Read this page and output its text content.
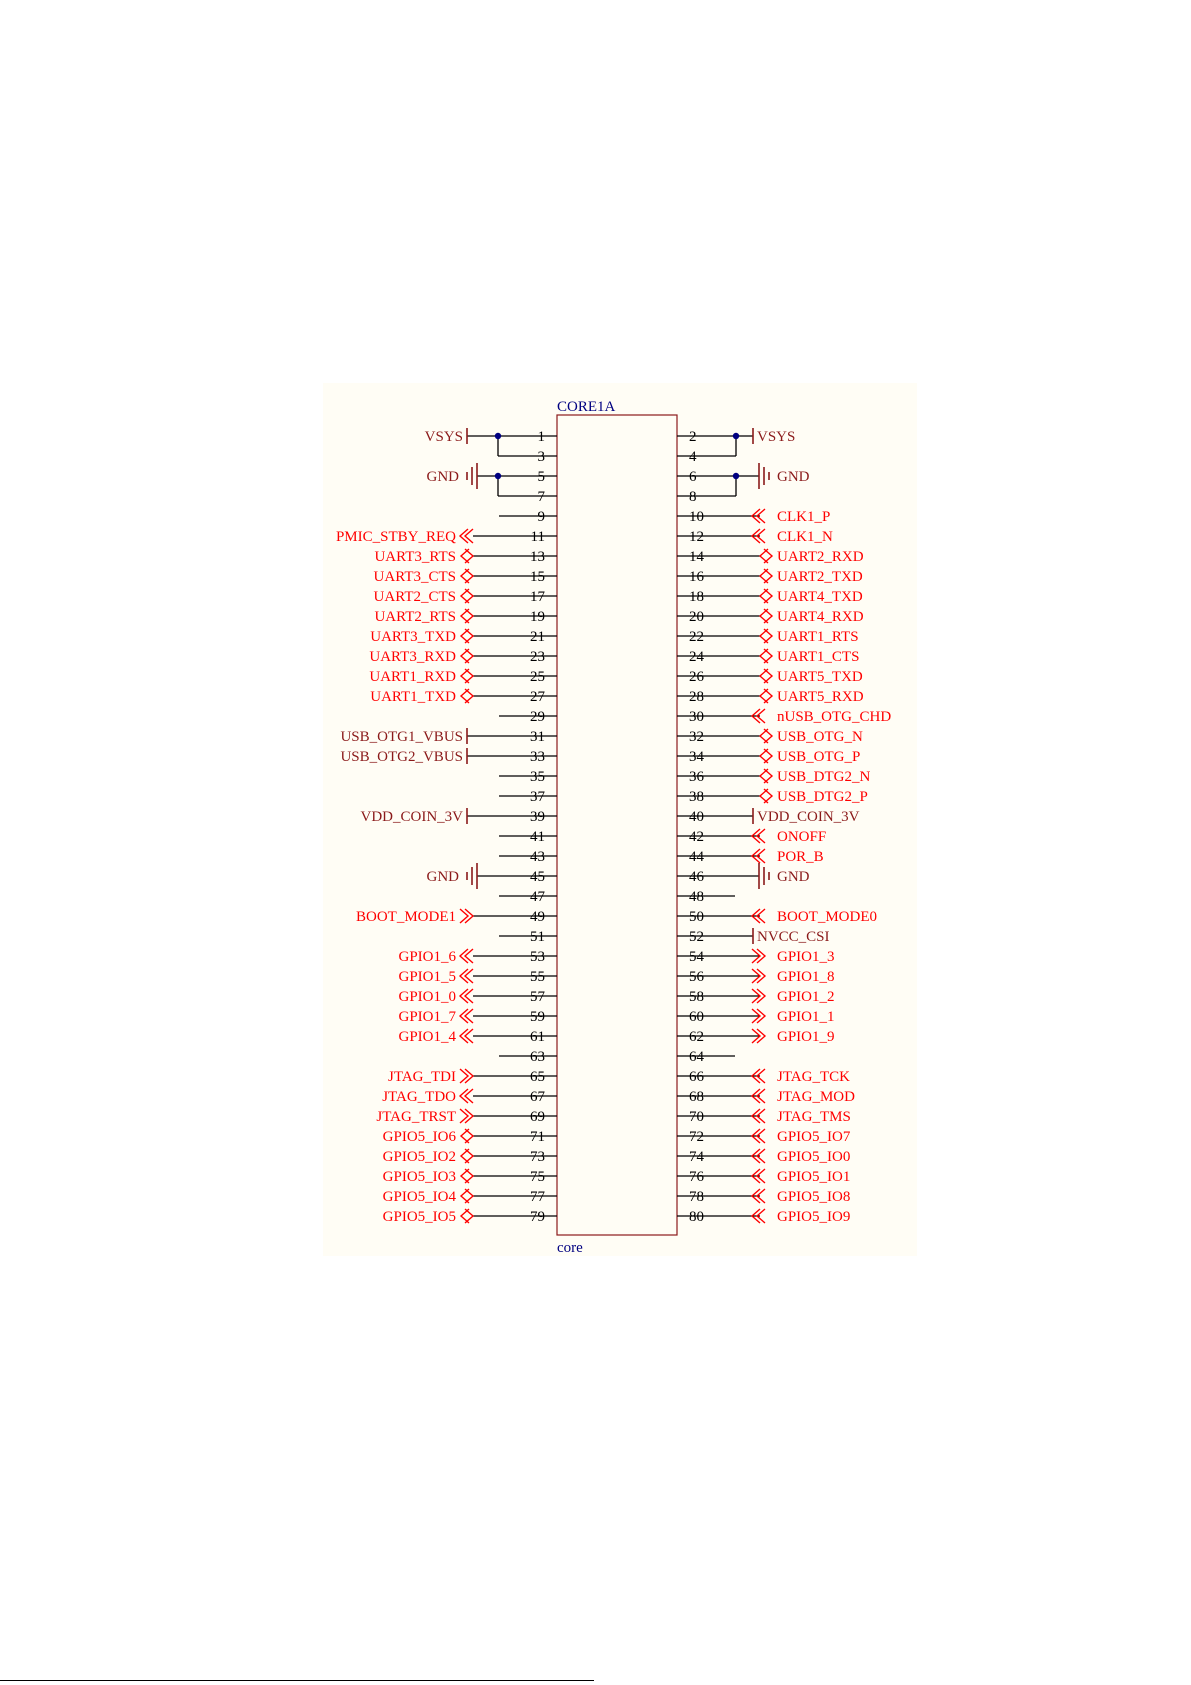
CORE1A
1
VSYS
3
5
GND
7
9
11
PMIC_STBY_REQ
13
UART3_RTS
15
UART3_CTS
17
UART2_CTS
19
UART2_RTS
21
UART3_TXD
23
UART3_RXD
25
UART1_RXD
27
UART1_TXD
29
31
USB_OTG1_VBUS
33
USB_OTG2_VBUS
35
37
39
VDD_COIN_3V
41
43
45
GND
47
49
BOOT_MODE1
51
53
GPIO1_6
55
GPIO1_5
57
GPIO1_0
59
GPIO1_7
61
GPIO1_4
63
65
JTAG_TDI
67
JTAG_TDO
69
JTAG_TRST
71
GPIO5_IO6
73
GPIO5_IO2
75
GPIO5_IO3
77
GPIO5_IO4
79
GPIO5_IO5
2	VSYS
4
6	GND
8
10	CLK1_P
12	CLK1_N
14	UART2_RXD
16	UART2_TXD
18	UART4_TXD
20	UART4_RXD
22	UART1_RTS
24	UART1_CTS
26	UART5_TXD
28	UART5_RXD
30	nUSB_OTG_CHD
32	USB_OTG_N
34	USB_OTG_P
36	USB_DTG2_N
38	USB_DTG2_P
40	VDD_COIN_3V
42	ONOFF
44	POR_B
46	GND
48
50	BOOT_MODE0
52	NVCC_CSI
54	GPIO1_3
56	GPIO1_8
58	GPIO1_2
60	GPIO1_1
62	GPIO1_9
64
66	JTAG_TCK
68	JTAG_MOD
70	JTAG_TMS
72	GPIO5_IO7
74	GPIO5_IO0
76	GPIO5_IO1
78	GPIO5_IO8
80	GPIO5_IO9
core
